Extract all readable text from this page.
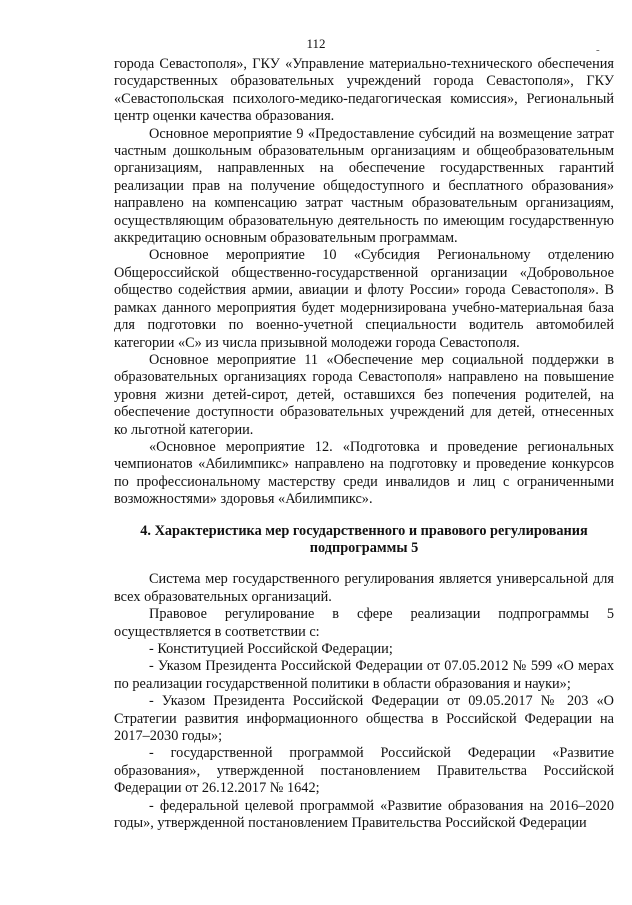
112	-

города Севастополя», ГКУ «Управление материально-технического обеспечения государственных образовательных учреждений города Севастополя», ГКУ «Севастопольская психолого-медико-педагогическая комиссия», Региональный центр оценки качества образования.

Основное мероприятие 9 «Предоставление субсидий на возмещение затрат частным дошкольным образовательным организациям и общеобразовательным организациям, направленных на обеспечение государственных гарантий реализации прав на получение общедоступного и бесплатного образования» направлено на компенсацию затрат частным образовательным организациям, осуществляющим образовательную деятельность по имеющим государственную аккредитацию основным образовательным программам.

Основное мероприятие 10 «Субсидия Региональному отделению Общероссийской общественно-государственной организации «Добровольное общество содействия армии, авиации и флоту России» города Севастополя». В рамках данного мероприятия будет модернизирована учебно-материальная база для подготовки по военно-учетной специальности водитель автомобилей категории «С» из числа призывной молодежи города Севастополя.

Основное мероприятие 11 «Обеспечение мер социальной поддержки в образовательных организациях города Севастополя» направлено на повышение уровня жизни детей-сирот, детей, оставшихся без попечения родителей, на обеспечение доступности образовательных учреждений для детей, отнесенных ко льготной категории.

«Основное мероприятие 12. «Подготовка и проведение региональных чемпионатов «Абилимпикс» направлено на подготовку и проведение конкурсов по профессиональному мастерству среди инвалидов и лиц с ограниченными возможностями» здоровья «Абилимпикс».

4. Характеристика мер государственного и правового регулирования подпрограммы 5

Система мер государственного регулирования является универсальной для всех образовательных организаций.

Правовое регулирование в сфере реализации подпрограммы 5 осуществляется в соответствии с:

- Конституцией Российской Федерации;

- Указом Президента Российской Федерации от 07.05.2012 № 599 «О мерах по реализации государственной политики в области образования и науки»;

- Указом Президента Российской Федерации от 09.05.2017 № 203 «О Стратегии развития информационного общества в Российской Федерации на 2017–2030 годы»;

- государственной программой Российской Федерации «Развитие образования», утвержденной постановлением Правительства Российской Федерации от 26.12.2017 № 1642;

- федеральной целевой программой «Развитие образования на 2016–2020 годы», утвержденной постановлением Правительства Российской Федерации
